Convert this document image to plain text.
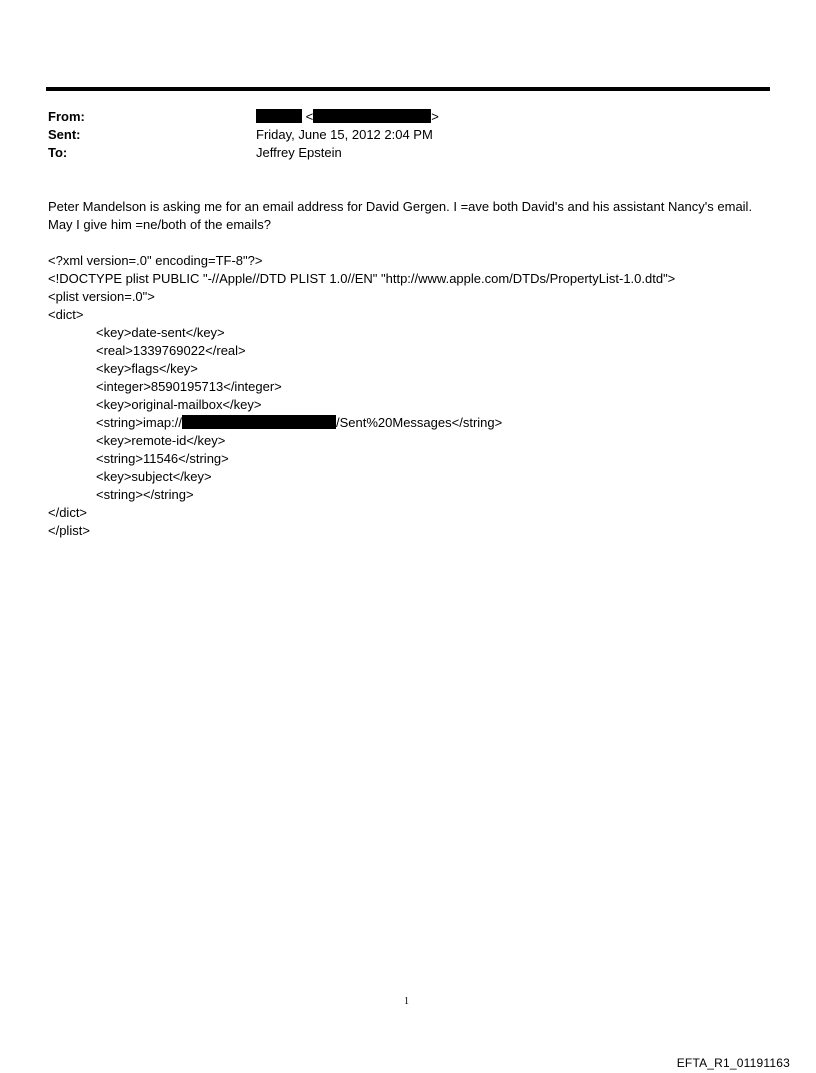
From:
Sent:
To:
<	>
Friday, June 15, 2012 2:04 PM
Jeffrey Epstein
Peter Mandelson is asking me for an email address for David Gergen. I =ave both David's and his assistant Nancy's email.
May I give him =ne/both of the emails?
<?xml version=.0" encoding=TF-8"?>
<!DOCTYPE plist PUBLIC "-//Apple//DTD PLIST 1.0//EN" "http://www.apple.com/DTDs/PropertyList-1.0.dtd">
<plist version=.0">
<dict>
<key>date-sent</key>
<real>1339769022</real>
<key>flags</key>
<integer>8590195713</integer>
<key>original-mailbox</key>
<string>imap://	/Sent%20Messages</string>
<key>remote-id</key>
<string>11546</string>
<key>subject</key>
<string></string>
</dict>
</plist>
1
EFTA_R1_01191163
